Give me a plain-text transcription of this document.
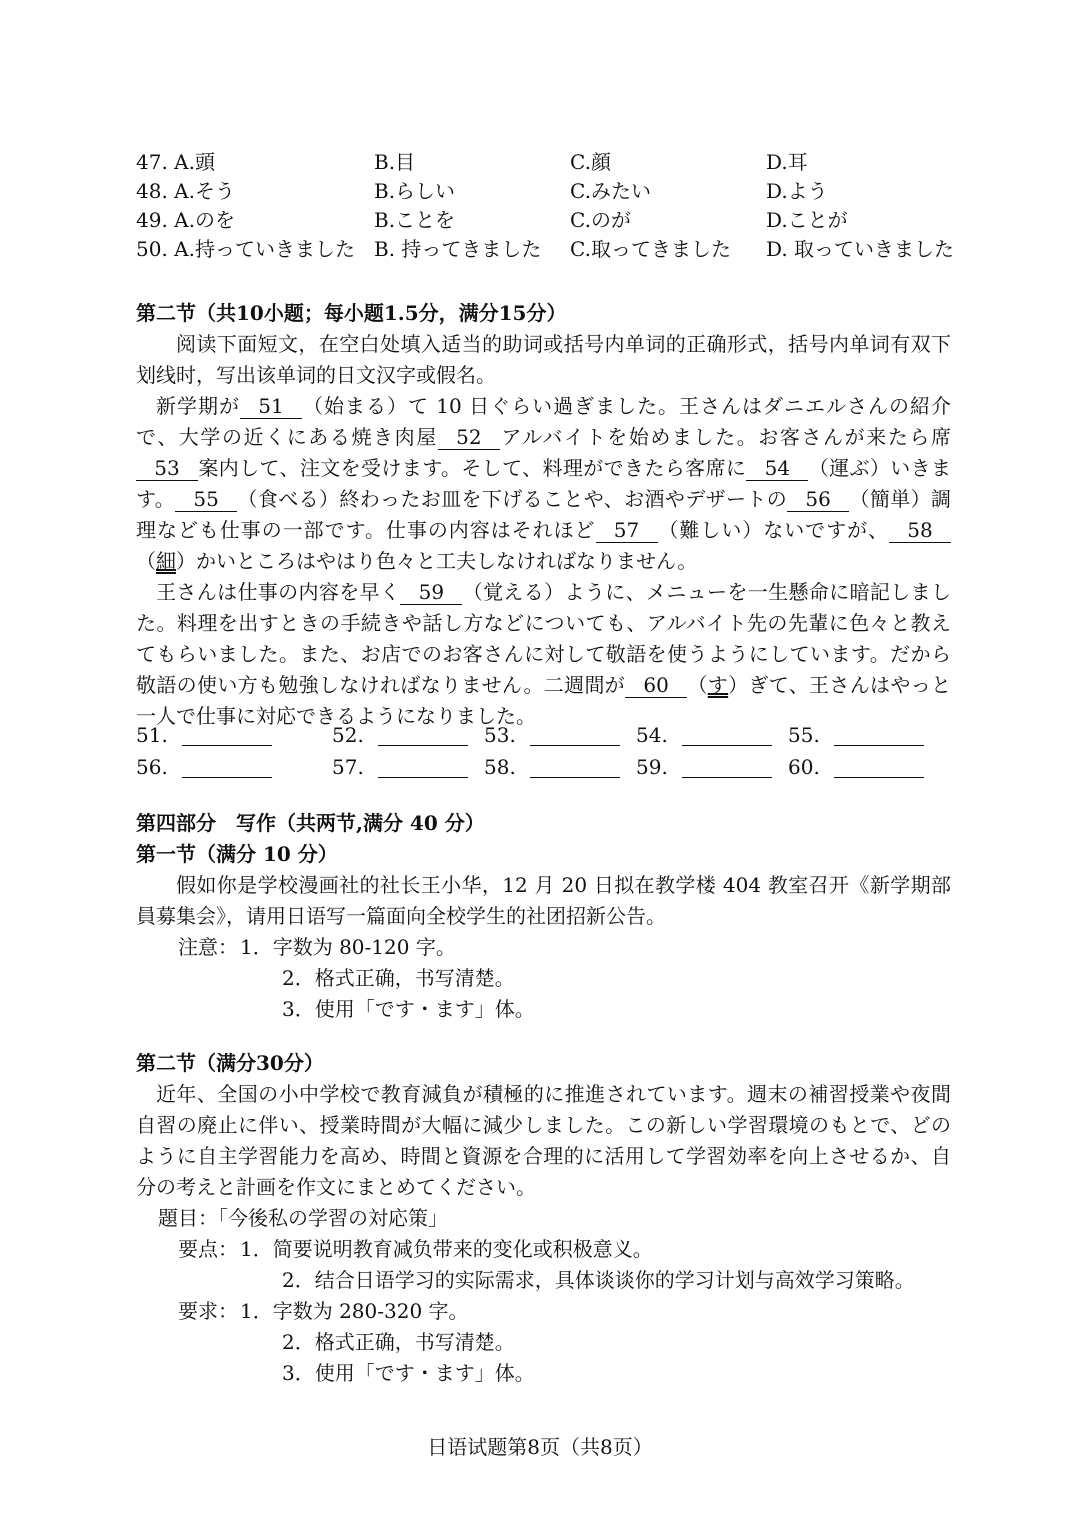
47. A.頭	B.目	C.顔	D.耳
48. A.そう	B.らしい	C.みたい	D.よう
49. A.のを	B.ことを	C.のが	D.ことが
50. A.持っていきました B. 持ってきました C.取ってきました D. 取っていきました
第二节（共10小题；每小题1.5分，满分15分）
阅读下面短文，在空白处填入适当的助词或括号内单词的正确形式，括号内单词有双下划线时，写出该单词的日文汉字或假名。
新学期が 51 （始まる）て 10 日ぐらい過ぎました。王さんはダニエルさんの紹介で、大学の近くにある焼き肉屋 52 アルバイトを始めました。お客さんが来たら席53 案内して、注文を受けます。そして、料理ができたら客席に 54 （運ぶ）いきます。 55 （食べる）終わったお皿を下げることや、お酒やデザートの 56 （簡単）調理なども仕事の一部です。仕事の内容はそれほど 57 （難しい）ないですが、 58（細）かいところはやはり色々と工夫しなければなりません。
王さんは仕事の内容を早く 59 （覚える）ように、メニューを一生懸命に暗記しました。料理を出すときの手続きや話し方などについても、アルバイト先の先輩に色々と教えてもらいました。また、お店でのお客さんに対して敬語を使うようにしています。だから敬語の使い方も勉強しなければなりません。二週間が 60 （す）ぎて、王さんはやっと一人で仕事に対応できるようになりました。
51.	52.	53.	54.	55.
56.	57.	58.	59.	60.
第四部分　写作（共两节,满分 40 分）
第一节（满分 10 分）
假如你是学校漫画社的社长王小华，12 月 20 日拟在教学楼 404 教室召开《新学期部員募集会》，请用日语写一篇面向全校学生的社团招新公告。
注意： 1．字数为 80-120 字。
2．格式正确，书写清楚。
3．使用「です・ます」体。
第二节（满分30分）
近年、全国の小中学校で教育減負が積極的に推進されています。週末の補習授業や夜間自習の廃止に伴い、授業時間が大幅に減少しました。この新しい学習環境のもとで、どのように自主学習能力を高め、時間と資源を合理的に活用して学習効率を向上させるか、自分の考えと計画を作文にまとめてください。
題目：「今後私の学習の対応策」
要点： 1．简要说明教育减负带来的变化或积极意义。
2．结合日语学习的实际需求，具体谈谈你的学习计划与高效学习策略。
要求： 1．字数为 280-320 字。
2．格式正确，书写清楚。
3．使用「です・ます」体。
日语试题第8页（共8页）
